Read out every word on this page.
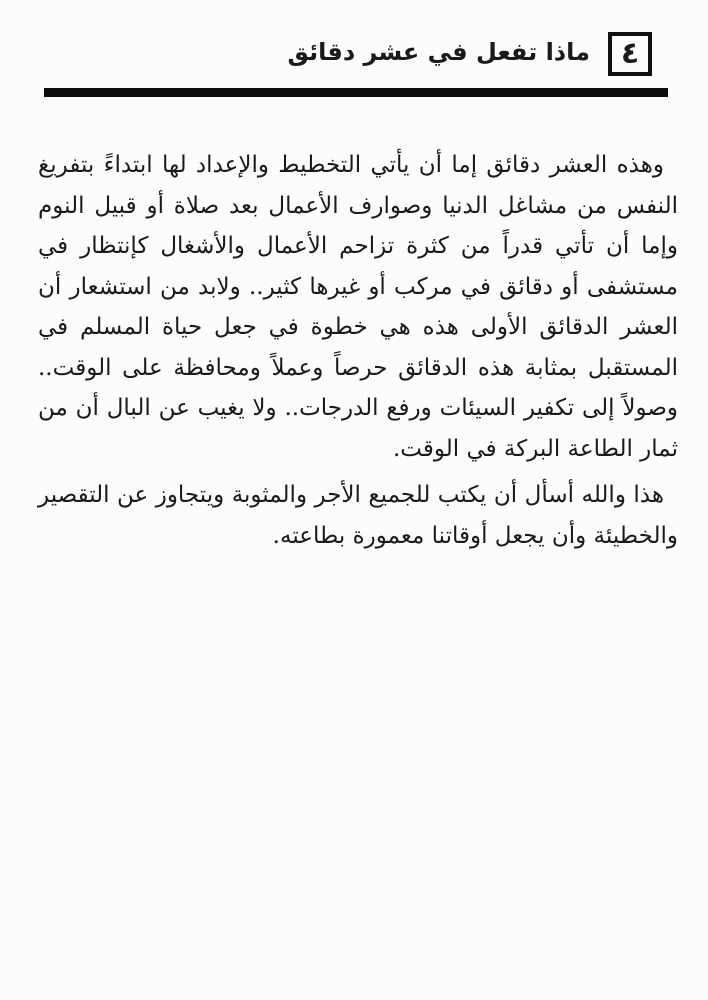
٤
ماذا تفعل في عشر دقائق

وهذه العشر دقائق إما أن يأتي التخطيط والإعداد لها ابتداءً بتفريغ النفس من مشاغل الدنيا وصوارف الأعمال بعد صلاة أو قبيل النوم وإما أن تأتي قدراً من كثرة تزاحم الأعمال والأشغال كإنتظار في مستشفى أو دقائق في مركب أو غيرها كثير.. ولابد من استشعار أن العشر الدقائق الأولى هذه هي خطوة في جعل حياة المسلم في المستقبل بمثابة هذه الدقائق حرصاً وعملاً ومحافظة على الوقت.. وصولاً إلى تكفير السيئات ورفع الدرجات.. ولا يغيب عن البال أن من ثمار الطاعة البركة في الوقت.

هذا والله أسأل أن يكتب للجميع الأجر والمثوبة ويتجاوز عن التقصير والخطيئة وأن يجعل أوقاتنا معمورة بطاعته.
